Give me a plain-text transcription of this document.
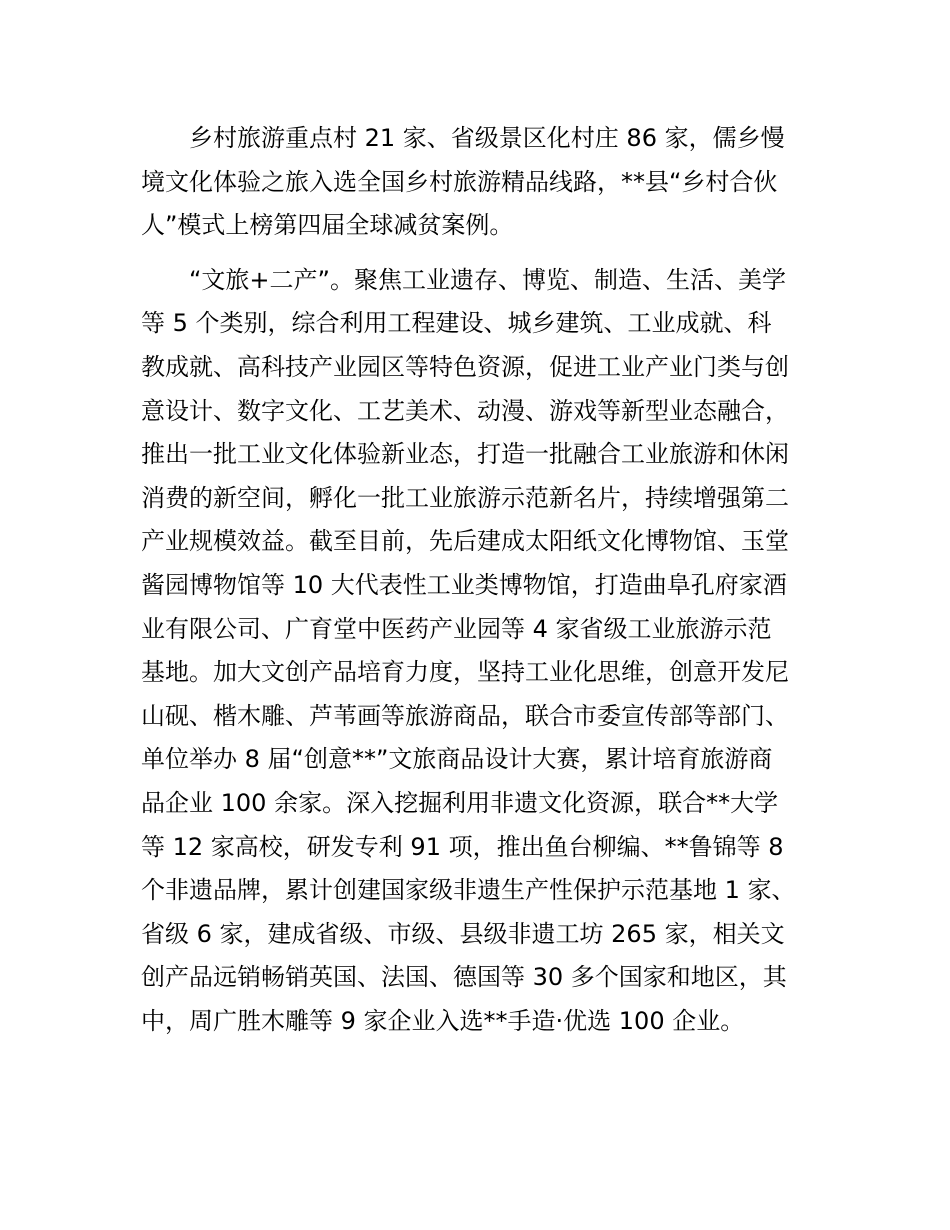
乡村旅游重点村 21 家、省级景区化村庄 86 家，儒乡慢
境文化体验之旅入选全国乡村旅游精品线路，**县“乡村合伙
人”模式上榜第四届全球减贫案例。
“文旅+二产”。聚焦工业遗存、博览、制造、生活、美学
等 5 个类别，综合利用工程建设、城乡建筑、工业成就、科
教成就、高科技产业园区等特色资源，促进工业产业门类与创
意设计、数字文化、工艺美术、动漫、游戏等新型业态融合，
推出一批工业文化体验新业态，打造一批融合工业旅游和休闲
消费的新空间，孵化一批工业旅游示范新名片，持续增强第二
产业规模效益。截至目前，先后建成太阳纸文化博物馆、玉堂
酱园博物馆等 10 大代表性工业类博物馆，打造曲阜孔府家酒
业有限公司、广育堂中医药产业园等 4 家省级工业旅游示范
基地。加大文创产品培育力度，坚持工业化思维，创意开发尼
山砚、楷木雕、芦苇画等旅游商品，联合市委宣传部等部门、
单位举办 8 届“创意**”文旅商品设计大赛，累计培育旅游商
品企业 100 余家。深入挖掘利用非遗文化资源，联合**大学
等 12 家高校，研发专利 91 项，推出鱼台柳编、**鲁锦等 8
个非遗品牌，累计创建国家级非遗生产性保护示范基地 1 家、
省级 6 家，建成省级、市级、县级非遗工坊 265 家，相关文
创产品远销畅销英国、法国、德国等 30 多个国家和地区，其
中，周广胜木雕等 9 家企业入选**手造·优选 100 企业。
